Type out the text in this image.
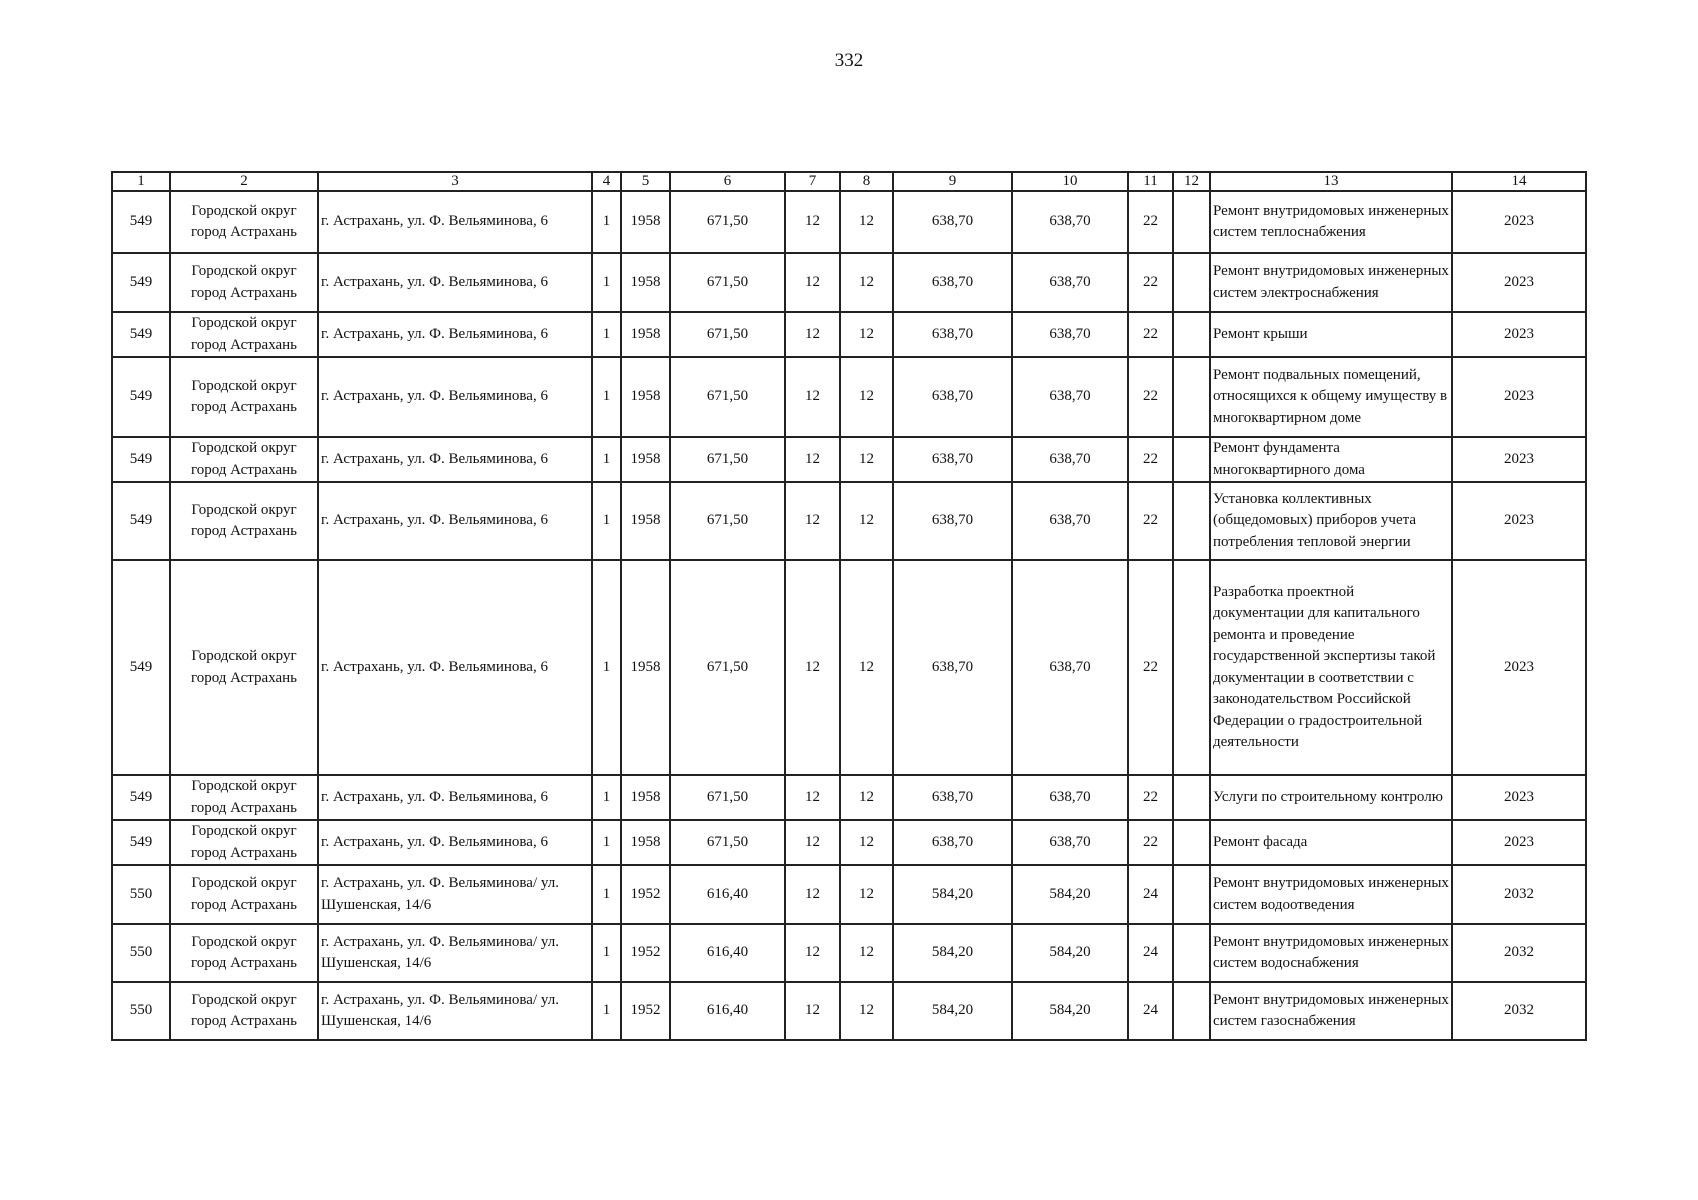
332
1	2	3	4	5	6	7	8	9	10	11	12	13	14
549	Городской округ город Астрахань	г. Астрахань, ул. Ф. Вельяминова, 6	1	1958	671,50	12	12	638,70	638,70	22		Ремонт внутридомовых инженерных систем теплоснабжения	2023
549	Городской округ город Астрахань	г. Астрахань, ул. Ф. Вельяминова, 6	1	1958	671,50	12	12	638,70	638,70	22		Ремонт внутридомовых инженерных систем электроснабжения	2023
549	Городской округ город Астрахань	г. Астрахань, ул. Ф. Вельяминова, 6	1	1958	671,50	12	12	638,70	638,70	22		Ремонт крыши	2023
549	Городской округ город Астрахань	г. Астрахань, ул. Ф. Вельяминова, 6	1	1958	671,50	12	12	638,70	638,70	22		Ремонт подвальных помещений, относящихся к общему имуществу в многоквартирном доме	2023
549	Городской округ город Астрахань	г. Астрахань, ул. Ф. Вельяминова, 6	1	1958	671,50	12	12	638,70	638,70	22		Ремонт фундамента многоквартирного дома	2023
549	Городской округ город Астрахань	г. Астрахань, ул. Ф. Вельяминова, 6	1	1958	671,50	12	12	638,70	638,70	22		Установка коллективных (общедомовых) приборов учета потребления тепловой энергии	2023
549	Городской округ город Астрахань	г. Астрахань, ул. Ф. Вельяминова, 6	1	1958	671,50	12	12	638,70	638,70	22		Разработка проектной документации для капитального ремонта и проведение государственной экспертизы такой документации в соответствии с законодательством Российской Федерации о градостроительной деятельности	2023
549	Городской округ город Астрахань	г. Астрахань, ул. Ф. Вельяминова, 6	1	1958	671,50	12	12	638,70	638,70	22		Услуги по строительному контролю	2023
549	Городской округ город Астрахань	г. Астрахань, ул. Ф. Вельяминова, 6	1	1958	671,50	12	12	638,70	638,70	22		Ремонт фасада	2023
550	Городской округ город Астрахань	г. Астрахань, ул. Ф. Вельяминова/ ул. Шушенская, 14/6	1	1952	616,40	12	12	584,20	584,20	24		Ремонт внутридомовых инженерных систем водоотведения	2032
550	Городской округ город Астрахань	г. Астрахань, ул. Ф. Вельяминова/ ул. Шушенская, 14/6	1	1952	616,40	12	12	584,20	584,20	24		Ремонт внутридомовых инженерных систем водоснабжения	2032
550	Городской округ город Астрахань	г. Астрахань, ул. Ф. Вельяминова/ ул. Шушенская, 14/6	1	1952	616,40	12	12	584,20	584,20	24		Ремонт внутридомовых инженерных систем газоснабжения	2032
